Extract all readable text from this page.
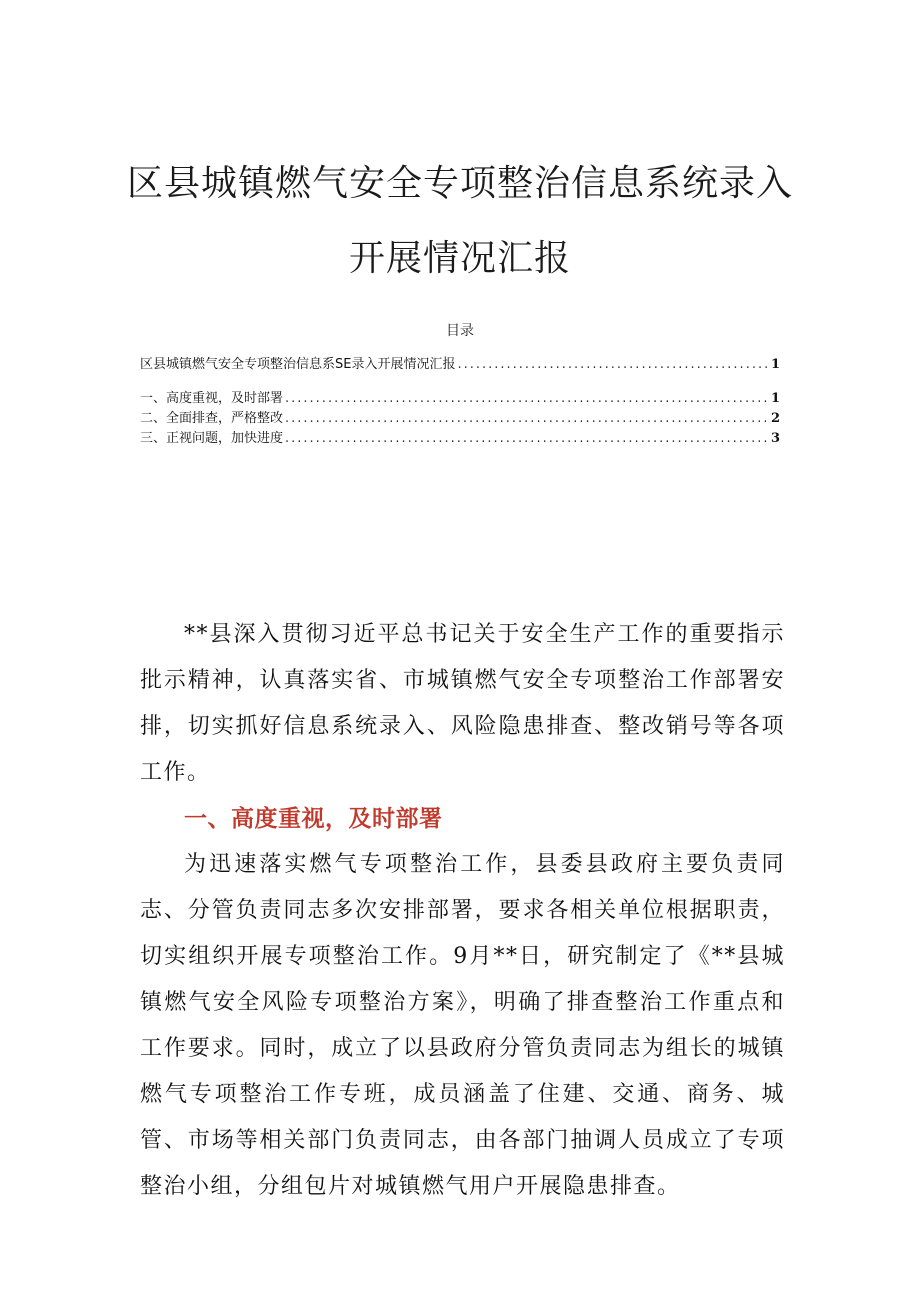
区县城镇燃气安全专项整治信息系统录入
开展情况汇报
目录
区县城镇燃气安全专项整治信息系SE录入开展情况汇报 .....	1
一、高度重视，及时部署 .....	1
二、全面排查，严格整改 .....	2
三、正视问题，加快进度 .....	3

**县深入贯彻习近平总书记关于安全生产工作的重要指示批示精神，认真落实省、市城镇燃气安全专项整治工作部署安排，切实抓好信息系统录入、风险隐患排查、整改销号等各项工作。

一、高度重视，及时部署

为迅速落实燃气专项整治工作，县委县政府主要负责同志、分管负责同志多次安排部署，要求各相关单位根据职责，切实组织开展专项整治工作。9月**日，研究制定了《**县城镇燃气安全风险专项整治方案》，明确了排查整治工作重点和工作要求。同时，成立了以县政府分管负责同志为组长的城镇燃气专项整治工作专班，成员涵盖了住建、交通、商务、城管、市场等相关部门负责同志，由各部门抽调人员成立了专项整治小组，分组包片对城镇燃气用户开展隐患排查。
